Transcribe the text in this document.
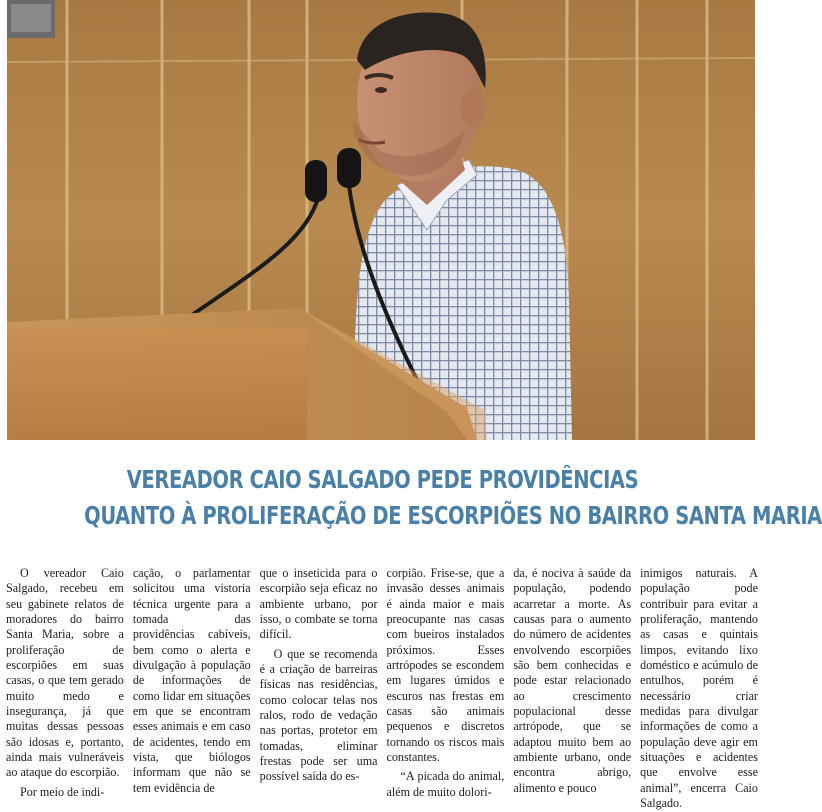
VEREADOR CAIO SALGADO PEDE PROVIDÊNCIAS
QUANTO À PROLIFERAÇÃO DE ESCORPIÕES NO BAIRRO SANTA MARIA

O vereador Caio Salgado, recebeu em seu gabinete relatos de moradores do bairro Santa Maria, sobre a proliferação de escorpiões em suas casas, o que tem gerado muito medo e insegurança, já que muitas dessas pessoas são idosas e, portanto, ainda mais vulneráveis ao ataque do escorpião.

Por meio de indi-

cação, o parlamentar solicitou uma vistoria técnica urgente para a tomada das providências cabíveis, bem como o alerta e divulgação à população de informações de como lidar em situações em que se encontram esses animais e em caso de acidentes, tendo em vista, que biólogos informam que não se tem evidência de

que o inseticida para o escorpião seja eficaz no ambiente urbano, por isso, o combate se torna difícil.

O que se recomenda é a criação de barreiras físicas nas residências, como colocar telas nos ralos, rodo de vedação nas portas, protetor em tomadas, eliminar frestas pode ser uma possível saída do es-

corpião. Frise-se, que a invasão desses animais é ainda maior e mais preocupante nas casas com bueiros instalados próximos. Esses artrópodes se escondem em lugares úmidos e escuros nas frestas em casas são animais pequenos e discretos tornando os riscos mais constantes.

“A picada do animal, além de muito dolori-

da, é nociva à saúde da população, podendo acarretar a morte. As causas para o aumento do número de acidentes envolvendo escorpiões são bem conhecidas e pode estar relacionado ao crescimento populacional desse artrópode, que se adaptou muito bem ao ambiente urbano, onde encontra abrigo, alimento e pouco

inimigos naturais. A população pode contribuir para evitar a proliferação, mantendo as casas e quintais limpos, evitando lixo doméstico e acúmulo de entulhos, porém é necessário criar medidas para divulgar informações de como a população deve agir em situações e acidentes que envolve esse animal”, encerra Caio Salgado.
